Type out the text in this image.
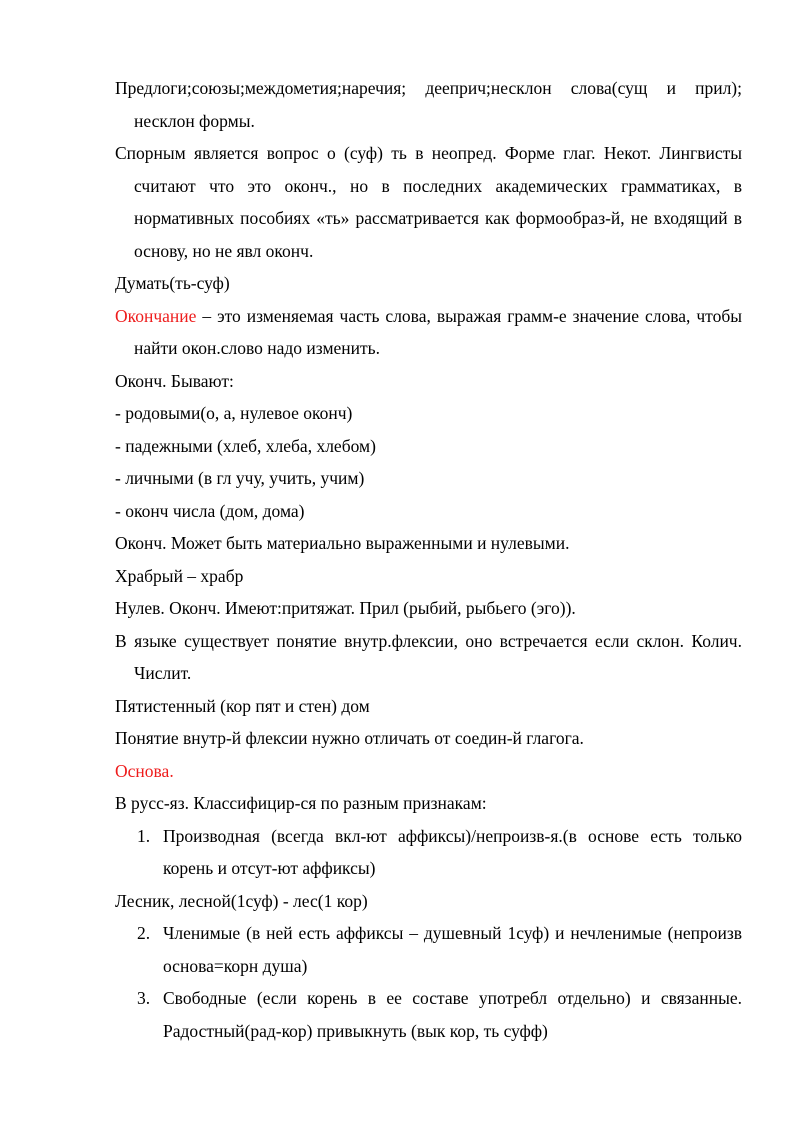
Предлоги;союзы;междометия;наречия; дееприч;несклон слова(сущ и прил); несклон формы.

Спорным является вопрос о (суф) ть в неопред. Форме глаг. Некот. Лингвисты считают что это оконч., но в последних академических грамматиках, в нормативных пособиях «ть» рассматривается как формообраз-й, не входящий в основу, но не явл оконч.

Думать(ть-суф)

Окончание – это изменяемая часть слова, выражая грамм-е значение слова, чтобы найти окон.слово надо изменить.

Оконч. Бывают:

- родовыми(о, а, нулевое оконч)

- падежными (хлеб, хлеба, хлебом)

- личными (в гл учу, учить, учим)

- оконч числа (дом, дома)

Оконч. Может быть материально выраженными и нулевыми.

Храбрый – храбр

Нулев. Оконч. Имеют:притяжат. Прил (рыбий, рыбьего (эго)).

В языке существует понятие внутр.флексии, оно встречается если склон. Колич. Числит.

Пятистенный (кор пят и стен) дом

Понятие внутр-й флексии нужно отличать от соедин-й глагога.

Основа.

В русс-яз. Классифицир-ся по разным признакам:

1. Производная (всегда вкл-ют аффиксы)/непроизв-я.(в основе есть только корень и отсут-ют аффиксы)

Лесник, лесной(1суф) - лес(1 кор)

2. Членимые (в ней есть аффиксы – душевный 1суф) и нечленимые (непроизв основа=корн душа)

3. Свободные (если корень в ее составе употребл отдельно) и связанные. Радостный(рад-кор) привыкнуть (вык кор, ть суфф)
